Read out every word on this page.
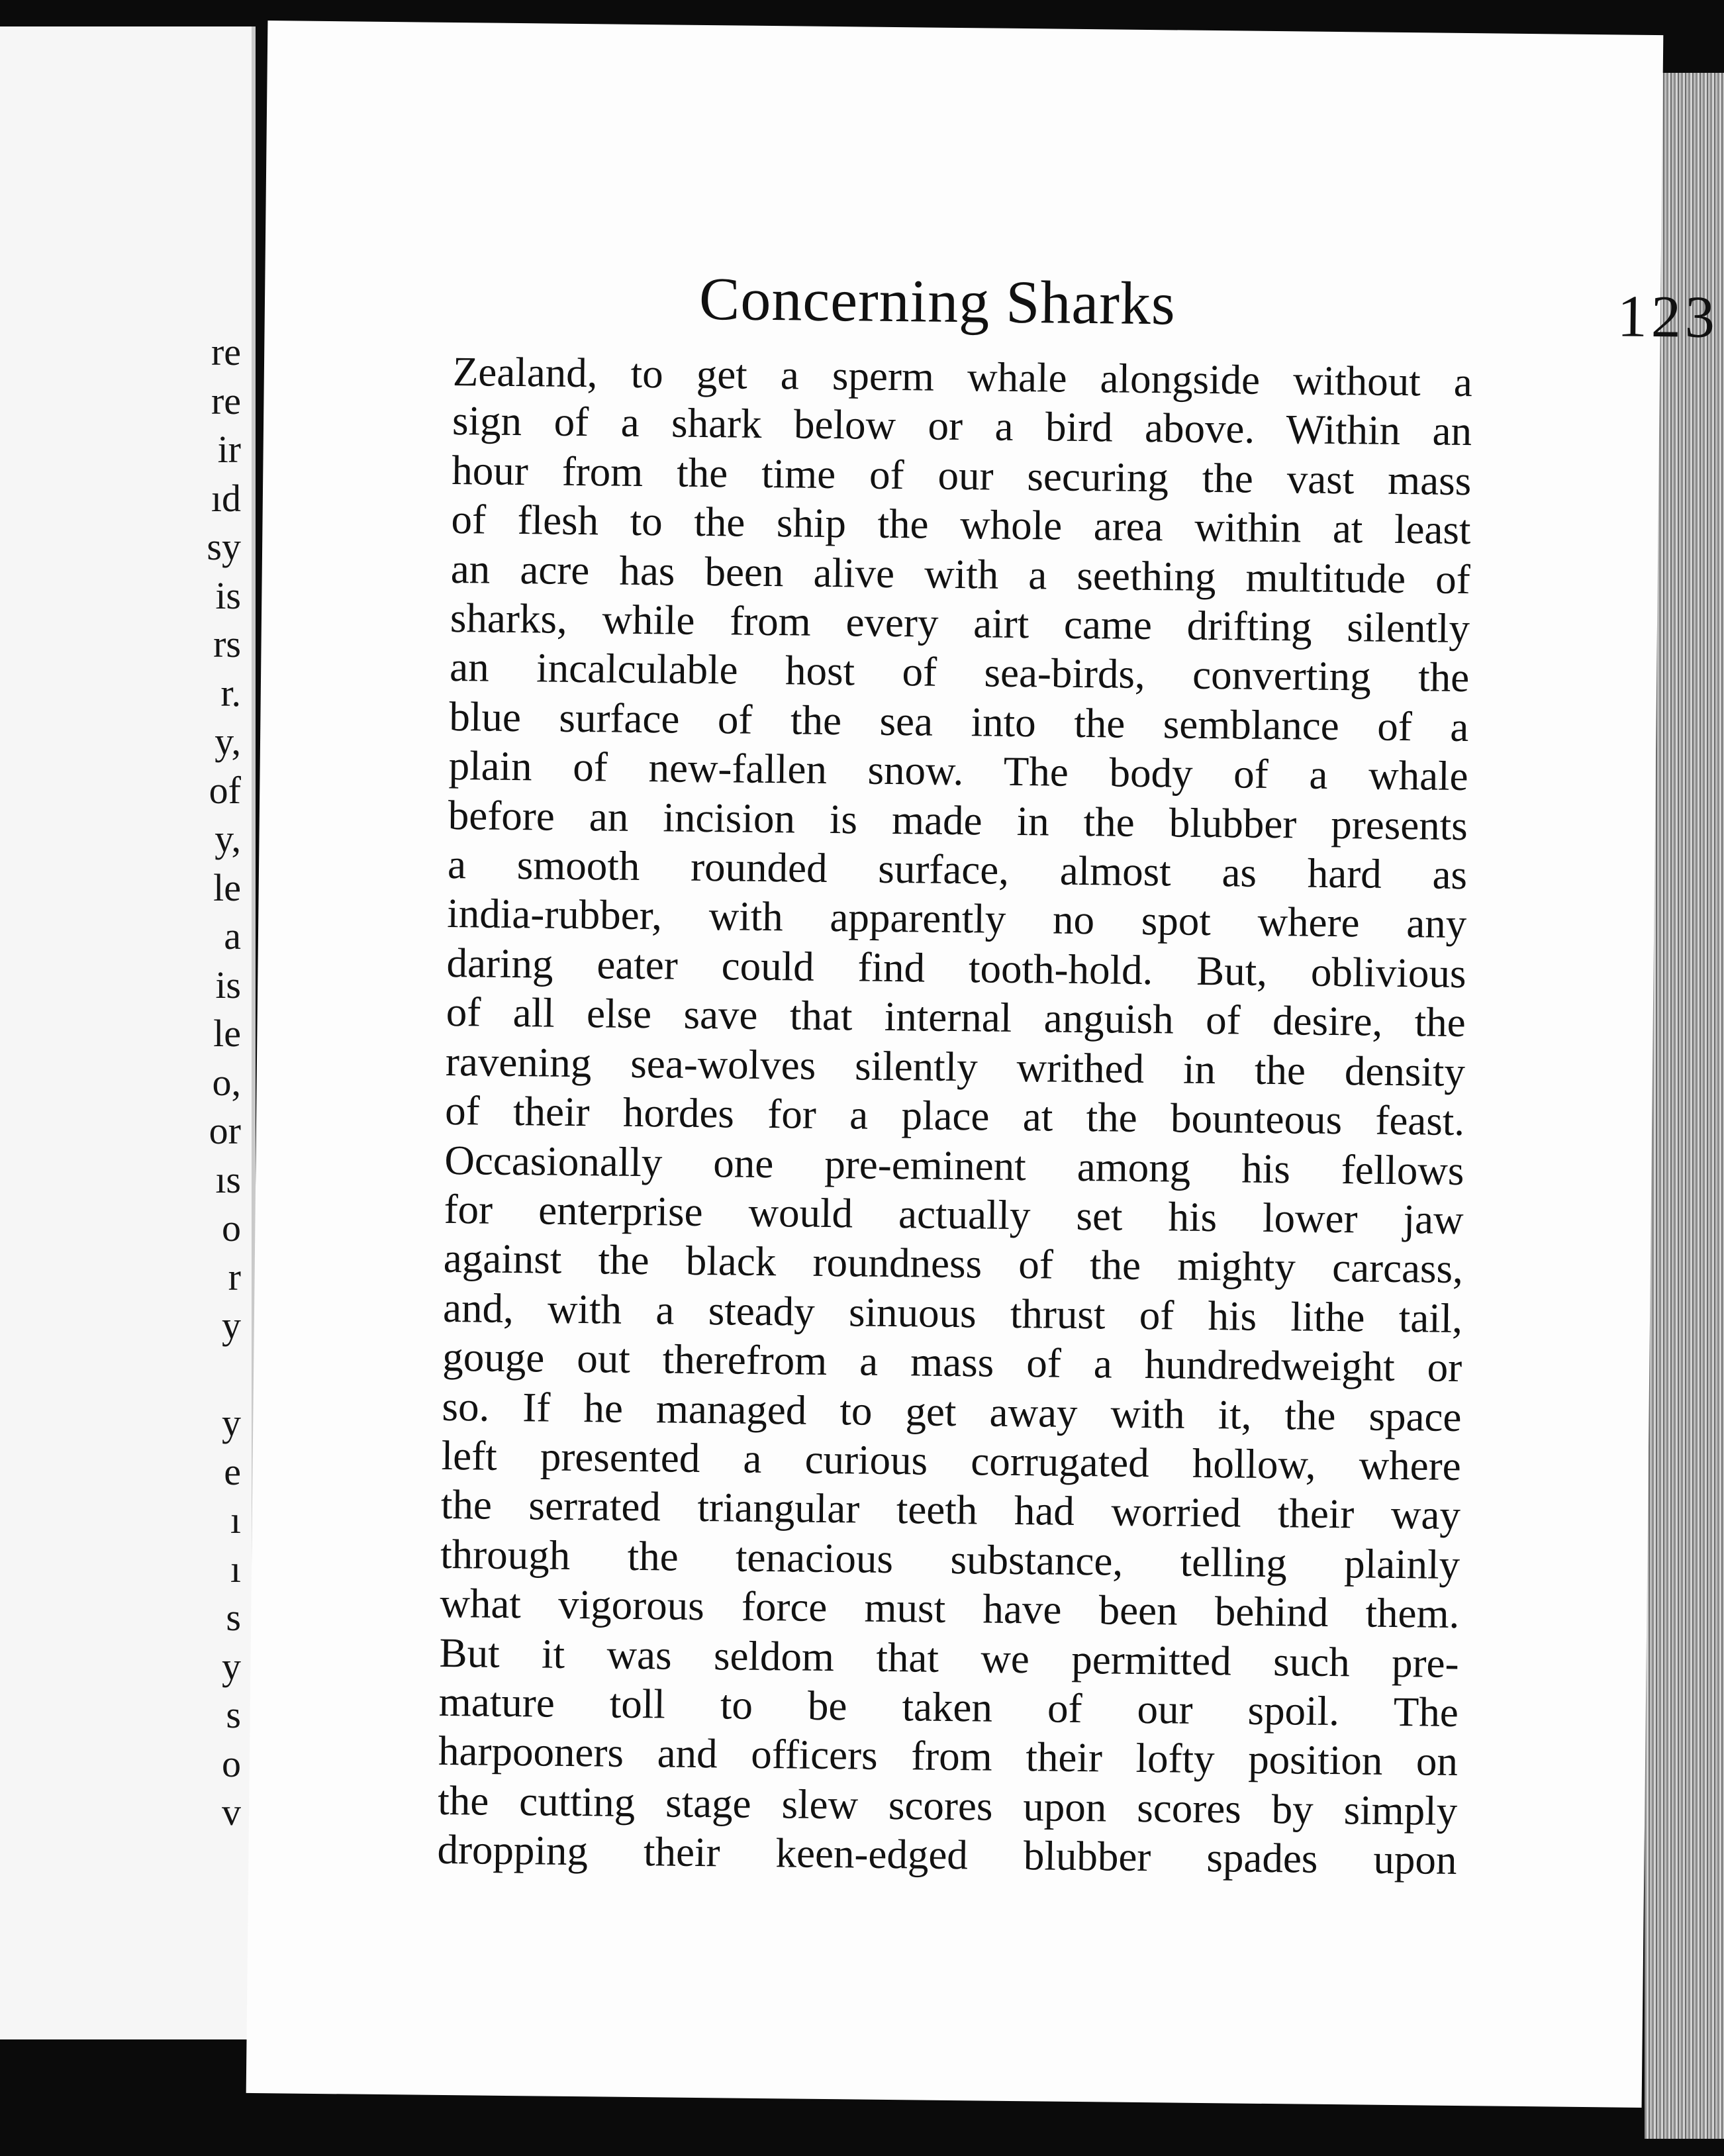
re
re
ir
ıd
sy
is
rs
r.
y,
of
y,
le
a
is
le
o,
or
ıs
o
r
y

y
e
ı
ı
s
y
s
o
v
Concerning Sharks	123
Zealand, to get a sperm whale alongside without a
sign of a shark below or a bird above. Within an
hour from the time of our securing the vast mass
of flesh to the ship the whole area within at least
an acre has been alive with a seething multitude of
sharks, while from every airt came drifting silently
an incalculable host of sea-birds, converting the
blue surface of the sea into the semblance of a
plain of new-fallen snow. The body of a whale
before an incision is made in the blubber presents
a smooth rounded surface, almost as hard as
india-rubber, with apparently no spot where any
daring eater could find tooth-hold. But, oblivious
of all else save that internal anguish of desire, the
ravening sea-wolves silently writhed in the density
of their hordes for a place at the bounteous feast.
Occasionally one pre-eminent among his fellows
for enterprise would actually set his lower jaw
against the black roundness of the mighty carcass,
and, with a steady sinuous thrust of his lithe tail,
gouge out therefrom a mass of a hundredweight or
so. If he managed to get away with it, the space
left presented a curious corrugated hollow, where
the serrated triangular teeth had worried their way
through the tenacious substance, telling plainly
what vigorous force must have been behind them.
But it was seldom that we permitted such pre-
mature toll to be taken of our spoil. The
harpooners and officers from their lofty position on
the cutting stage slew scores upon scores by simply
dropping their keen-edged blubber spades upon
